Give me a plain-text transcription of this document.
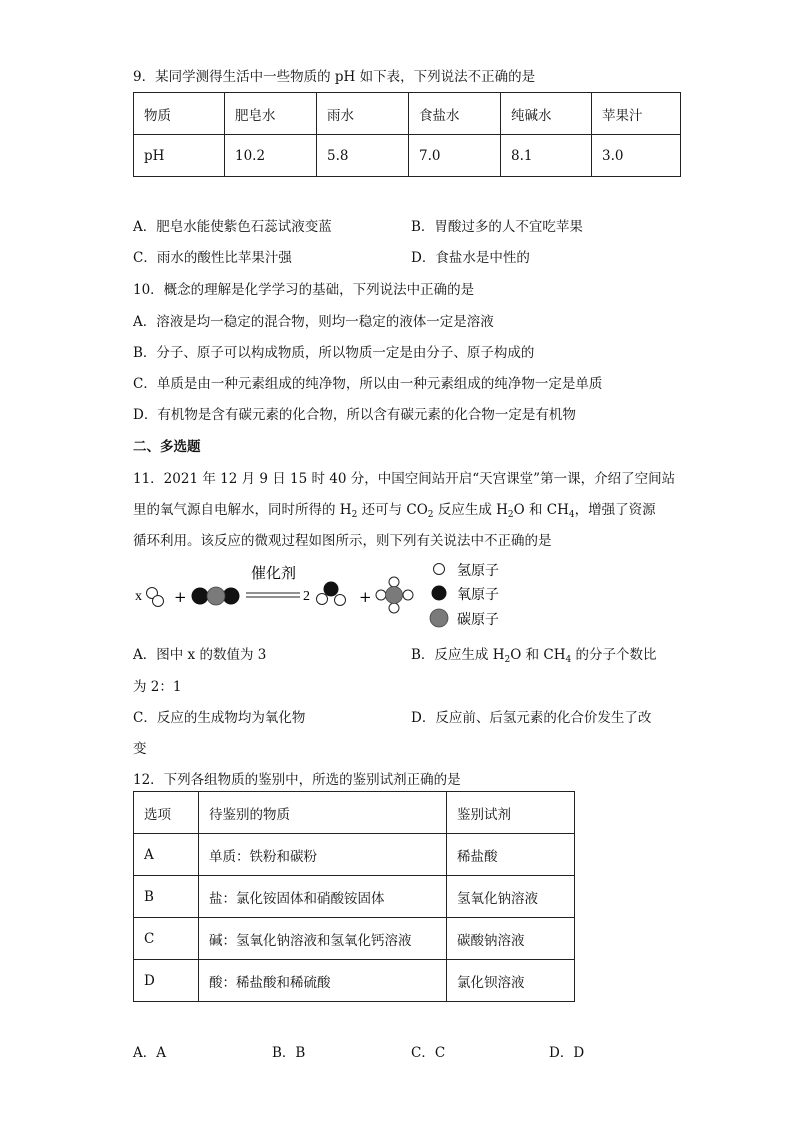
9．某同学测得生活中一些物质的 pH 如下表，下列说法不正确的是
物质	肥皂水	雨水	食盐水	纯碱水	苹果汁
pH	10.2	5.8	7.0	8.1	3.0
A．肥皂水能使紫色石蕊试液变蓝	B．胃酸过多的人不宜吃苹果
C．雨水的酸性比苹果汁强	D．食盐水是中性的
10．概念的理解是化学学习的基础，下列说法中正确的是
A．溶液是均一稳定的混合物，则均一稳定的液体一定是溶液
B．分子、原子可以构成物质，所以物质一定是由分子、原子构成的
C．单质是由一种元素组成的纯净物，所以由一种元素组成的纯净物一定是单质
D．有机物是含有碳元素的化合物，所以含有碳元素的化合物一定是有机物
二、多选题
11．2021 年 12 月 9 日 15 时 40 分，中国空间站开启“天宫课堂”第一课，介绍了空间站
里的氧气源自电解水，同时所得的 $H_2$ 还可与 $CO_2$ 反应生成 $H_2O$ 和 $CH_4$，增强了资源
循环利用。该反应的微观过程如图所示，则下列有关说法中不正确的是
x +
催化剂
2	+
氢原子
氧原子
碳原子
A．图中 x 的数值为 3	B．反应生成 $H_2O$ 和 $CH_4$ 的分子个数比
为 2：1
C．反应的生成物均为氧化物	D．反应前、后氢元素的化合价发生了改
变
12．下列各组物质的鉴别中，所选的鉴别试剂正确的是
选项	待鉴别的物质	鉴别试剂
A	单质：铁粉和碳粉	稀盐酸
B	盐：氯化铵固体和硝酸铵固体	氢氧化钠溶液
C	碱：氢氧化钠溶液和氢氧化钙溶液	碳酸钠溶液
D	酸：稀盐酸和稀硫酸	氯化钡溶液
A．A	B．B	C．C	D．D
